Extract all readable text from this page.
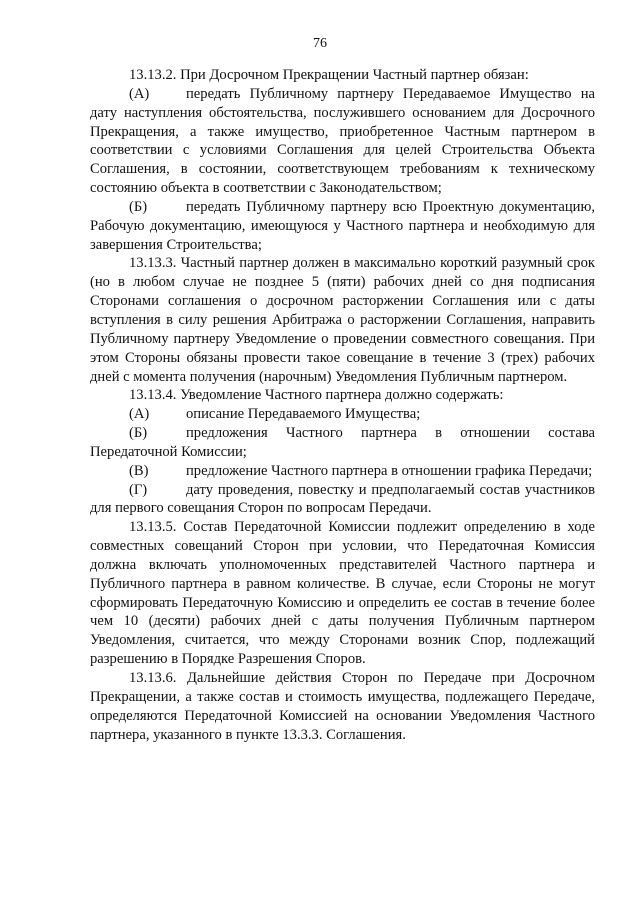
76

13.13.2. При Досрочном Прекращении Частный партнер обязан:

(А)	передать Публичному партнеру Передаваемое Имущество на дату наступления обстоятельства, послужившего основанием для Досрочного Прекращения, а также имущество, приобретенное Частным партнером в соответствии с условиями Соглашения для целей Строительства Объекта Соглашения, в состоянии, соответствующем требованиям к техническому состоянию объекта в соответствии с Законодательством;

(Б)	передать Публичному партнеру всю Проектную документацию, Рабочую документацию, имеющуюся у Частного партнера и необходимую для завершения Строительства;

13.13.3. Частный партнер должен в максимально короткий разумный срок (но в любом случае не позднее 5 (пяти) рабочих дней со дня подписания Сторонами соглашения о досрочном расторжении Соглашения или с даты вступления в силу решения Арбитража о расторжении Соглашения, направить Публичному партнеру Уведомление о проведении совместного совещания. При этом Стороны обязаны провести такое совещание в течение 3 (трех) рабочих дней с момента получения (нарочным) Уведомления Публичным партнером.

13.13.4. Уведомление Частного партнера должно содержать:

(А)	описание Передаваемого Имущества;

(Б)	предложения Частного партнера в отношении состава Передаточной Комиссии;

(В)	предложение Частного партнера в отношении графика Передачи;

(Г)	дату проведения, повестку и предполагаемый состав участников для первого совещания Сторон по вопросам Передачи.

13.13.5. Состав Передаточной Комиссии подлежит определению в ходе совместных совещаний Сторон при условии, что Передаточная Комиссия должна включать уполномоченных представителей Частного партнера и Публичного партнера в равном количестве. В случае, если Стороны не могут сформировать Передаточную Комиссию и определить ее состав в течение более чем 10 (десяти) рабочих дней с даты получения Публичным партнером Уведомления, считается, что между Сторонами возник Спор, подлежащий разрешению в Порядке Разрешения Споров.

13.13.6. Дальнейшие действия Сторон по Передаче при Досрочном Прекращении, а также состав и стоимость имущества, подлежащего Передаче, определяются Передаточной Комиссией на основании Уведомления Частного партнера, указанного в пункте 13.3.3. Соглашения.
